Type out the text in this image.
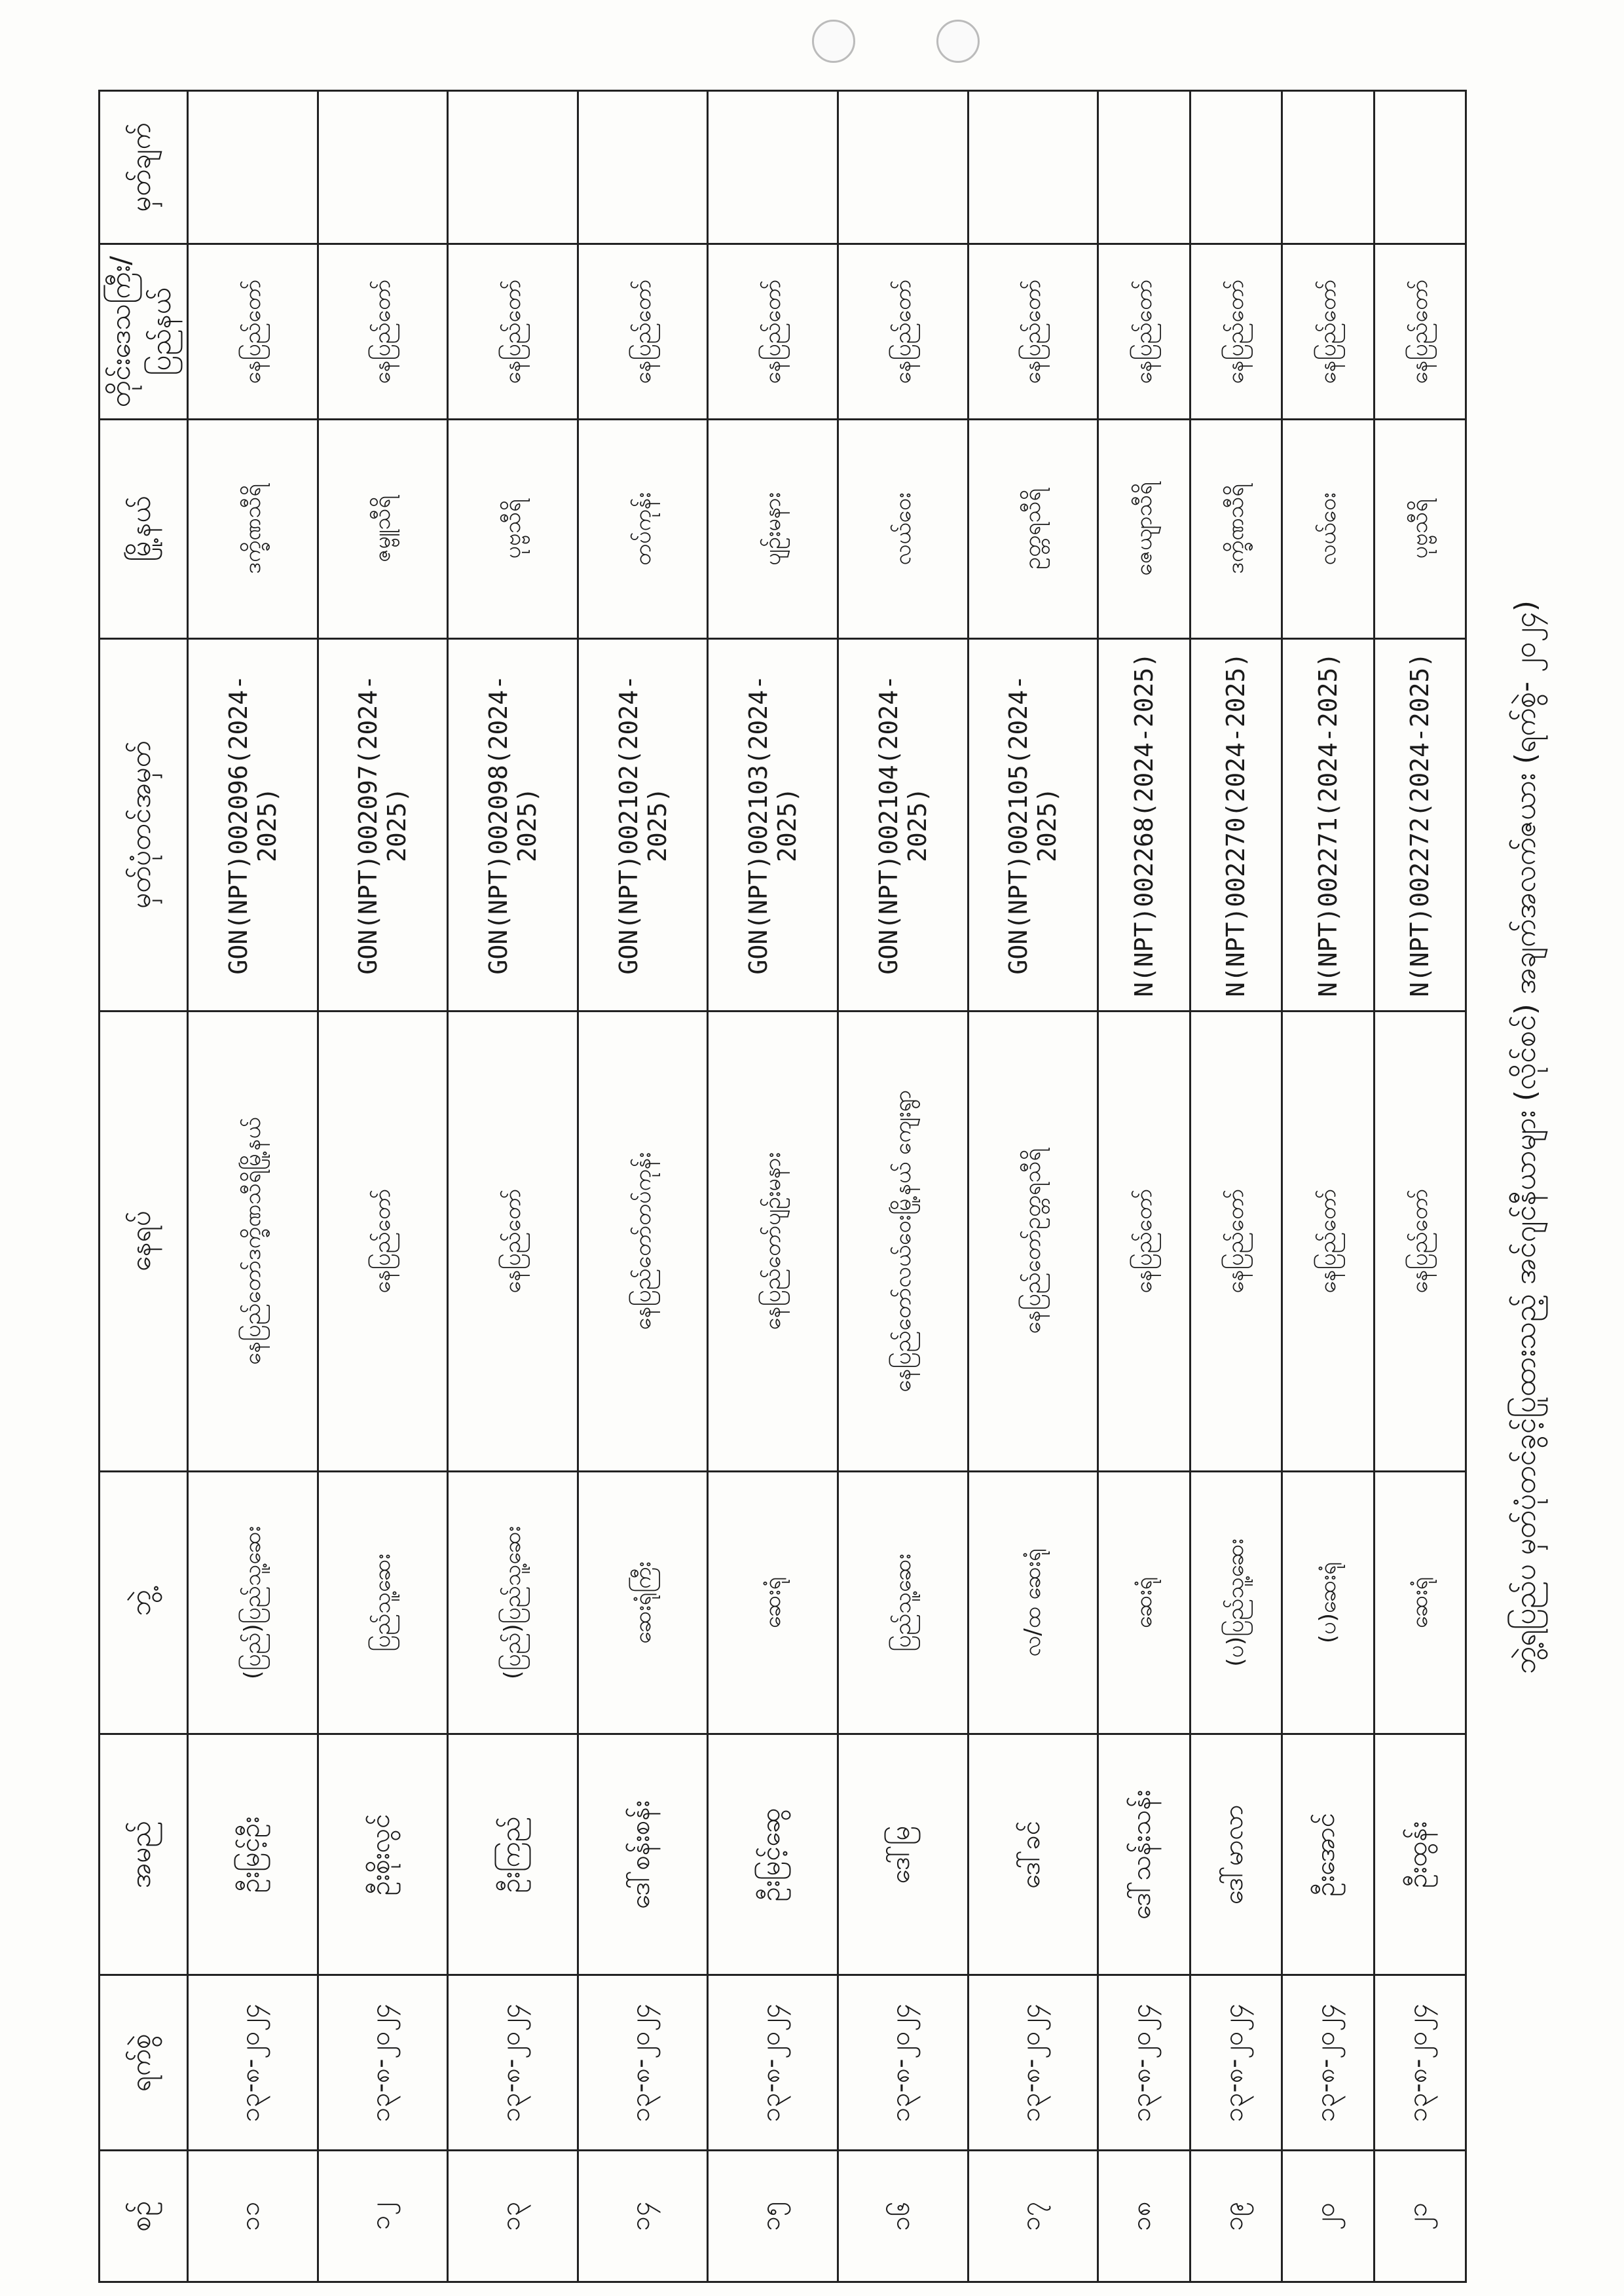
ဘွဲ့ရပြည်ပ မှတ်ပုံတင်ခွင့်ပြုထားသည့် အင်ဂျင်နီယာများ (လိုင်စင်) အချက်အလက်ဇယား (ရက်စွဲ- ၂၀၂၄)
စဉ်	ရက်စွဲ	အမည်	ဘွဲ့	နေရပ်	မှတ်ပုံတင်အမှတ်	မြို့နယ်	တိုင်းဒေသကြီး/ပြည်နယ်	မှတ်ချက်
၁၁	၁၃-၈-၂၀၂၄	ဦးမြင့်ဦး	(ပြည်)ပြည်သူ့ဆေး	နေပြည်တော်ဒက္ခိဏသီရိမြို့နယ်	GON(NPT)002096(2024-2025)	ဒက္ခိဏသီရိ	နေပြည်တော်	
၁၂	၁၃-၈-၂၀၂၄	ဦးစိုးလွင်	ပြည်သူ့ဆေး	နေပြည်တော်	GON(NPT)002097(2024-2025)	ဇမ္ဗူသီရိ	နေပြည်တော်	
၁၃	၁၃-၈-၂၀၂၄	ဦးကြည်	(ပြည်)ပြည်သူ့ဆေး	နေပြည်တော်	GON(NPT)002098(2024-2025)	ပုဗ္ဗသီရိ	နေပြည်တော်	
၁၄	၁၃-၈-၂၀၂၄	ဒေါ်စန်းစန်း	ဆေးရုံကြီး	နေပြည်တော်တပ်ကုန်း	GON(NPT)002102(2024-2025)	တပ်ကုန်း	နေပြည်တော်	
၁၅	၁၃-၈-၂၀၂၄	ဦးမြင့်ဆွေ	ဆေးရုံ	နေပြည်တော်ပျဉ်းမနား	GON(NPT)002103(2024-2025)	ပျဉ်းမနား	နေပြည်တော်	
၁၆	၁၃-၈-၂၀၂၄	ဒေါ်မြ	ပြည်သူ့ဆေး	နေပြည်တော်လယ်ဝေးမြို့နယ် ကျေးရွာ	GON(NPT)002104(2024-2025)	လယ်ဝေး	နေပြည်တော်	
၁၇	၁၃-၈-၂၀၂၄	ဒေါ်ခင်	လ/ထ ဆေးရုံ	နေပြည်တော်ဥတ္တရသီရိ	GON(NPT)002105(2024-2025)	ဥတ္တရသီရိ	နေပြည်တော်	
၁၈	၁၃-၈-၂၀၂၄	ဒေါ်သန်းသန်း	ဆေးရုံ	နေပြည်တော်	N(NPT)002268(2024-2025)	ဇေယျာသီရိ	နေပြည်တော်	
၁၉	၁၃-၈-၂၀၂၄	ဒေါ်မာလာ	(ပ)ပြည်သူ့ဆေး	နေပြည်တော်	N(NPT)002270(2024-2025)	ဒက္ခိဏသီရိ	နေပြည်တော်	
၂၀	၁၃-၈-၂၀၂၄	ဦးအောင်	(ပ)ဆေးရုံ	နေပြည်တော်	N(NPT)002271(2024-2025)	လယ်ဝေး	နေပြည်တော်	
၂၁	၁၃-၈-၂၀၂၄	ဦးထွန်း	ဆေးရုံ	နေပြည်တော်	N(NPT)002272(2024-2025)	ပုဗ္ဗသီရိ	နေပြည်တော်	
